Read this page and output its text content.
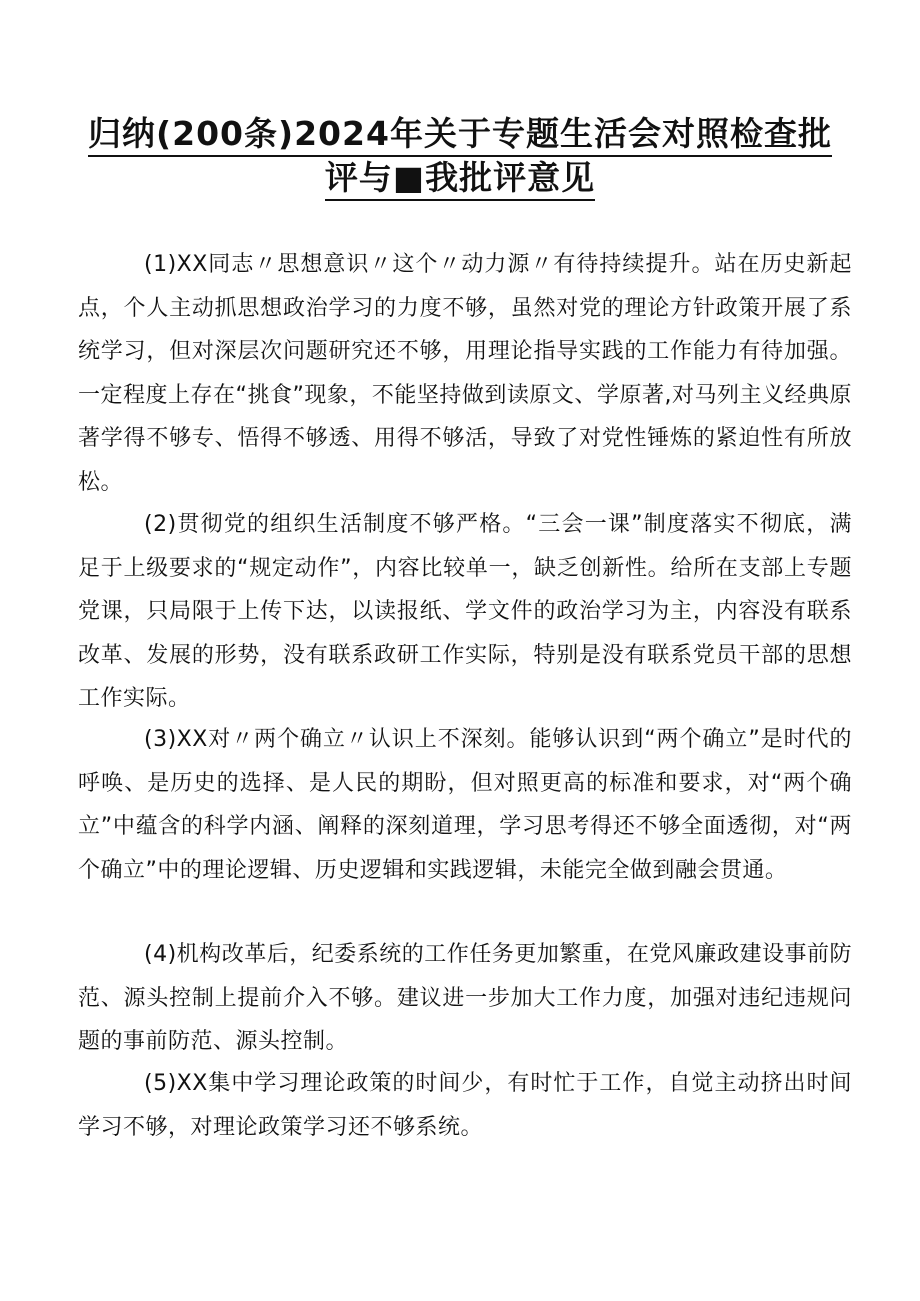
归纳(200条)2024年关于专题生活会对照检查批
评与■我批评意见

(1)XX同志〃思想意识〃这个〃动力源〃有待持续提升。站在历史新起点，个人主动抓思想政治学习的力度不够，虽然对党的理论方针政策开展了系统学习，但对深层次问题研究还不够，用理论指导实践的工作能力有待加强。一定程度上存在“挑食”现象，不能坚持做到读原文、学原著,对马列主义经典原著学得不够专、悟得不够透、用得不够活，导致了对党性锤炼的紧迫性有所放松。

(2)贯彻党的组织生活制度不够严格。“三会一课”制度落实不彻底，满足于上级要求的“规定动作”，内容比较单一，缺乏创新性。给所在支部上专题党课，只局限于上传下达，以读报纸、学文件的政治学习为主，内容没有联系改革、发展的形势，没有联系政研工作实际，特别是没有联系党员干部的思想工作实际。

(3)XX对〃两个确立〃认识上不深刻。能够认识到“两个确立”是时代的呼唤、是历史的选择、是人民的期盼，但对照更高的标准和要求，对“两个确立”中蕴含的科学内涵、阐释的深刻道理，学习思考得还不够全面透彻，对“两个确立”中的理论逻辑、历史逻辑和实践逻辑，未能完全做到融会贯通。

(4)机构改革后，纪委系统的工作任务更加繁重，在党风廉政建设事前防范、源头控制上提前介入不够。建议进一步加大工作力度，加强对违纪违规问题的事前防范、源头控制。

(5)XX集中学习理论政策的时间少，有时忙于工作，自觉主动挤出时间学习不够，对理论政策学习还不够系统。
